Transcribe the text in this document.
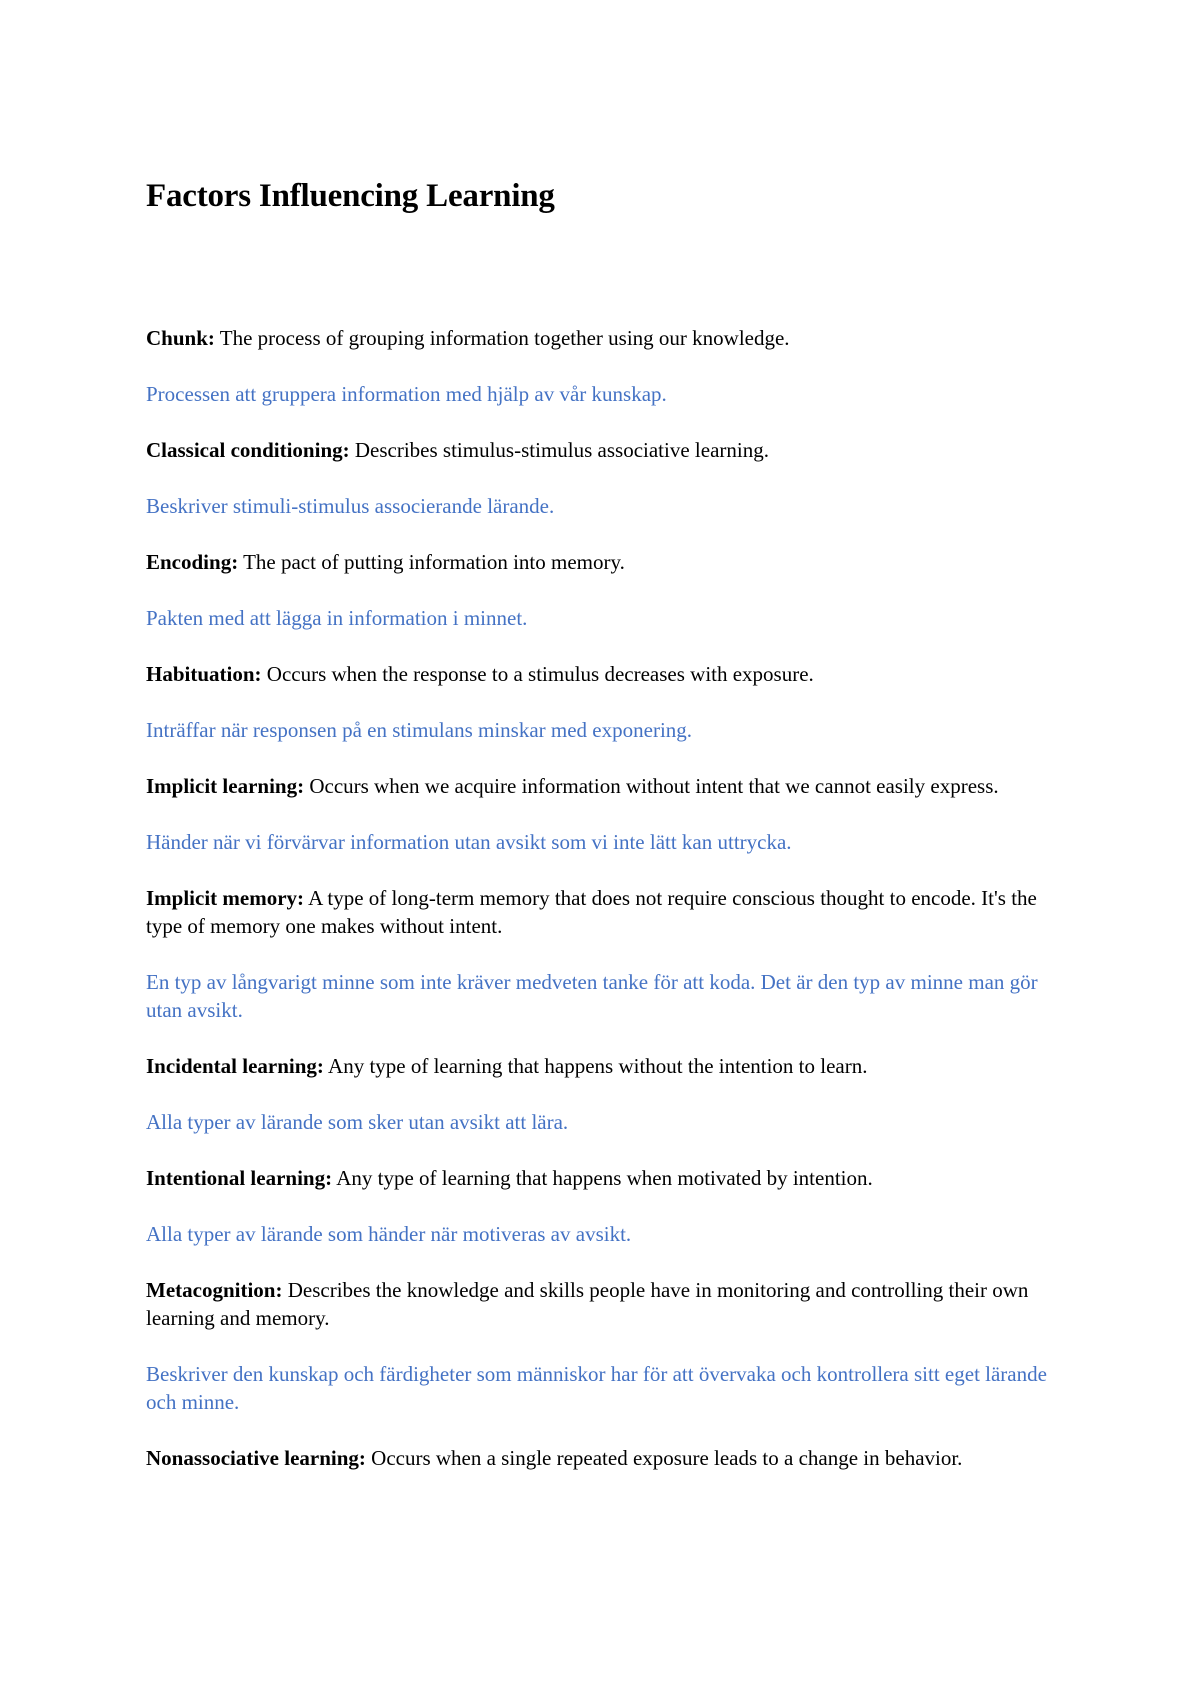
Factors Influencing Learning

Chunk: The process of grouping information together using our knowledge.

Processen att gruppera information med hjälp av vår kunskap.

Classical conditioning: Describes stimulus-stimulus associative learning.

Beskriver stimuli-stimulus associerande lärande.

Encoding: The pact of putting information into memory.

Pakten med att lägga in information i minnet.

Habituation: Occurs when the response to a stimulus decreases with exposure.

Inträffar när responsen på en stimulans minskar med exponering.

Implicit learning: Occurs when we acquire information without intent that we cannot easily express.

Händer när vi förvärvar information utan avsikt som vi inte lätt kan uttrycka.

Implicit memory: A type of long-term memory that does not require conscious thought to encode. It's the type of memory one makes without intent.

En typ av långvarigt minne som inte kräver medveten tanke för att koda. Det är den typ av minne man gör utan avsikt.

Incidental learning: Any type of learning that happens without the intention to learn.

Alla typer av lärande som sker utan avsikt att lära.

Intentional learning: Any type of learning that happens when motivated by intention.

Alla typer av lärande som händer när motiveras av avsikt.

Metacognition: Describes the knowledge and skills people have in monitoring and controlling their own learning and memory.

Beskriver den kunskap och färdigheter som människor har för att övervaka och kontrollera sitt eget lärande och minne.

Nonassociative learning: Occurs when a single repeated exposure leads to a change in behavior.
